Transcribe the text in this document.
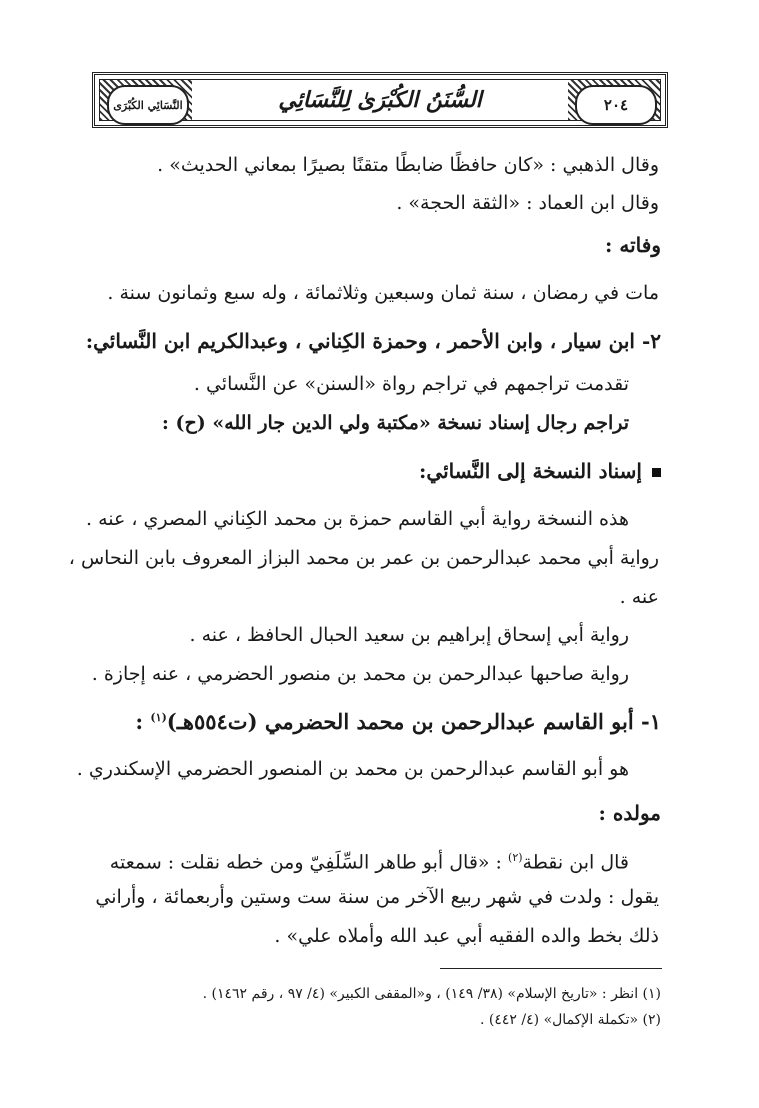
٢٠٤
السُّنَنُ الكُبْرَىٰ لِلنَّسَائِي
النَّسَائِي الكُبْرَى
وقال الذهبي : «كان حافظًا ضابطًا متقنًا بصيرًا بمعاني الحديث» .
وقال ابن العماد : «الثقة الحجة» .
وفاته :
مات في رمضان ، سنة ثمان وسبعين وثلاثمائة ، وله سبع وثمانون سنة .
٢- ابن سيار ، وابن الأحمر ، وحمزة الكِناني ، وعبدالكريم ابن النَّسائي:
تقدمت تراجمهم في تراجم رواة «السنن» عن النَّسائي .
تراجم رجال إسناد نسخة «مكتبة ولي الدين جار الله» (ح) :
إسناد النسخة إلى النَّسائي:
هذه النسخة رواية أبي القاسم حمزة بن محمد الكِناني المصري ، عنه .
رواية أبي محمد عبدالرحمن بن عمر بن محمد البزاز المعروف بابن النحاس ،
عنه .
رواية أبي إسحاق إبراهيم بن سعيد الحبال الحافظ ، عنه .
رواية صاحبها عبدالرحمن بن محمد بن منصور الحضرمي ، عنه إجازة .
١- أبو القاسم عبدالرحمن بن محمد الحضرمي (ت٥٥٤هـ)$^{(١)}$ :
هو أبو القاسم عبدالرحمن بن محمد بن المنصور الحضرمي الإسكندري .
مولده :
قال ابن نقطة$^{(٢)}$ : «قال أبو طاهر السِّلَفِيّ ومن خطه نقلت : سمعته
يقول : ولدت في شهر ربيع الآخر من سنة ست وستين وأربعمائة ، وأراني
ذلك بخط والده الفقيه أبي عبد الله وأملاه علي» .
(١) انظر : «تاريخ الإسلام» (٣٨/ ١٤٩) ، و«المقفى الكبير» (٤/ ٩٧ ، رقم ١٤٦٢) .
(٢) «تكملة الإكمال» (٤/ ٤٤٢) .
